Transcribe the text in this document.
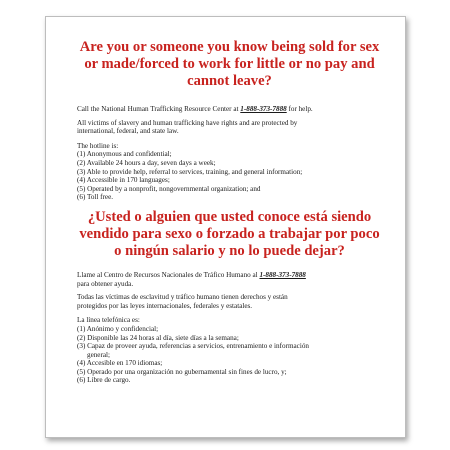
Are you or someone you know being sold for sex
or made/forced to work for little or no pay and
cannot leave?

Call the National Human Trafficking Resource Center at 1-888-373-7888 for help.

All victims of slavery and human trafficking have rights and are protected by
international, federal, and state law.

The hotline is:

(1) Anonymous and confidential;
(2) Available 24 hours a day, seven days a week;
(3) Able to provide help, referral to services, training, and general information;
(4) Accessible in 170 languages;
(5) Operated by a nonprofit, nongovernmental organization; and
(6) Toll free.
¿Usted o alguien que usted conoce está siendo
vendido para sexo o forzado a trabajar por poco
o ningún salario y no lo puede dejar?

Llame al Centro de Recursos Nacionales de Tráfico Humano al 1-888-373-7888
para obtener ayuda.

Todas las víctimas de esclavitud y tráfico humano tienen derechos y están
protegidos por las leyes internacionales, federales y estatales.

La línea telefónica es:

(1) Anónimo y confidencial;
(2) Disponible las 24 horas al día, siete días a la semana;
(3) Capaz de proveer ayuda, referencias a servicios, entrenamiento e información
general;
(4) Accesible en 170 idiomas;
(5) Operado por una organización no gubernamental sin fines de lucro, y;
(6) Libre de cargo.
